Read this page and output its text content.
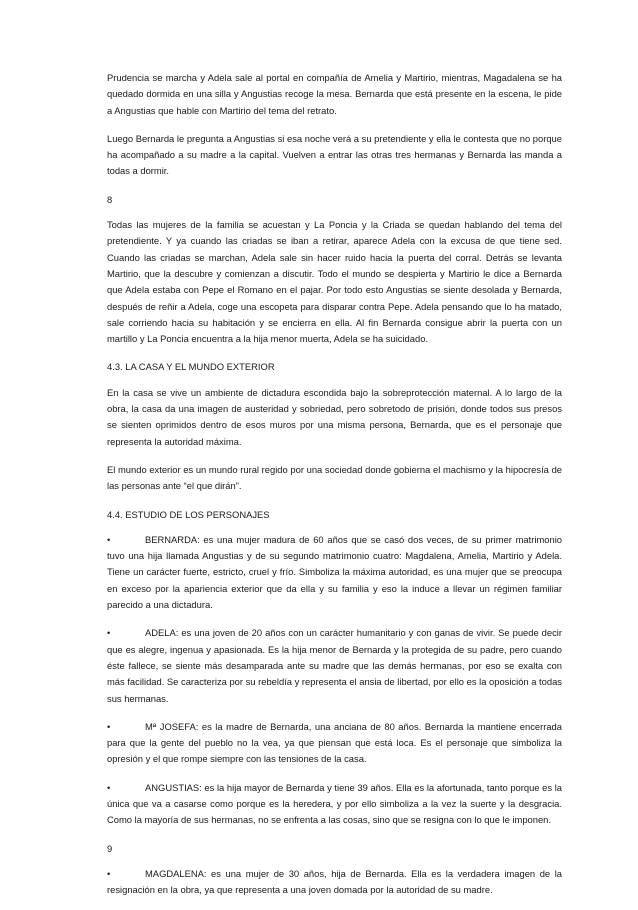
Prudencia se marcha y Adela sale al portal en compañía de Amelia y Martirio, mientras, Magadalena se ha quedado dormida en una silla y Angustias recoge la mesa. Bernarda que está presente en la escena, le pide a Angustias que hable con Martirio del tema del retrato.

Luego Bernarda le pregunta a Angustias si esa noche verá a su pretendiente y ella le contesta que no porque ha acompañado a su madre a la capital. Vuelven a entrar las otras tres hermanas y Bernarda las manda a todas a dormir.

8

Todas las mujeres de la familia se acuestan y La Poncia y la Criada se quedan hablando del tema del pretendiente. Y ya cuando las criadas se iban a retirar, aparece Adela con la excusa de que tiene sed. Cuando las criadas se marchan, Adela sale sin hacer ruido hacia la puerta del corral. Detrás se levanta Martirio, que la descubre y comienzan a discutir. Todo el mundo se despierta y Martirio le dice a Bernarda que Adela estaba con Pepe el Romano en el pajar. Por todo esto Angustias se siente desolada y Bernarda, después de reñir a Adela, coge una escopeta para disparar contra Pepe. Adela pensando que lo ha matado, sale corriendo hacia su habitación y se encierra en ella. Al fin Bernarda consigue abrir la puerta con un martillo y La Poncia encuentra a la hija menor muerta, Adela se ha suicidado.

4.3. LA CASA Y EL MUNDO EXTERIOR

En la casa se vive un ambiente de dictadura escondida bajo la sobreprotección maternal. A lo largo de la obra, la casa da una imagen de austeridad y sobriedad, pero sobretodo de prisión, donde todos sus presos se sienten oprimidos dentro de esos muros por una misma persona, Bernarda, que es el personaje que representa la autoridad máxima.

El mundo exterior es un mundo rural regido por una sociedad donde gobierna el machismo y la hipocresía de las personas ante “el que dirán”.

4.4. ESTUDIO DE LOS PERSONAJES

•	BERNARDA: es una mujer madura de 60 años que se casó dos veces, de su primer matrimonio tuvo una hija llamada Angustias y de su segundo matrimonio cuatro: Magdalena, Amelia, Martirio y Adela. Tiene un carácter fuerte, estricto, cruel y frío. Simboliza la máxima autoridad, es una mujer que se preocupa en exceso por la apariencia exterior que da ella y su familia y eso la induce a llevar un régimen familiar parecido a una dictadura.

•	ADELA: es una joven de 20 años con un carácter humanitario y con ganas de vivir. Se puede decir que es alegre, ingenua y apasionada. Es la hija menor de Bernarda y la protegida de su padre, pero cuando éste fallece, se siente más desamparada ante su madre que las demás hermanas, por eso se exalta con más facilidad. Se caracteriza por su rebeldía y representa el ansia de libertad, por ello es la oposición a todas sus hermanas.

•	Mª JOSEFA: es la madre de Bernarda, una anciana de 80 años. Bernarda la mantiene encerrada para que la gente del pueblo no la vea, ya que piensan que está loca. Es el personaje que simboliza la opresión y el que rompe siempre con las tensiones de la casa.

•	ANGUSTIAS: es la hija mayor de Bernarda y tiene 39 años. Ella es la afortunada, tanto porque es la única que va a casarse como porque es la heredera, y por ello simboliza a la vez la suerte y la desgracia. Como la mayoría de sus hermanas, no se enfrenta a las cosas, sino que se resigna con lo que le imponen.

9

•	MAGDALENA: es una mujer de 30 años, hija de Bernarda. Ella es la verdadera imagen de la resignación en la obra, ya que representa a una joven domada por la autoridad de su madre.
